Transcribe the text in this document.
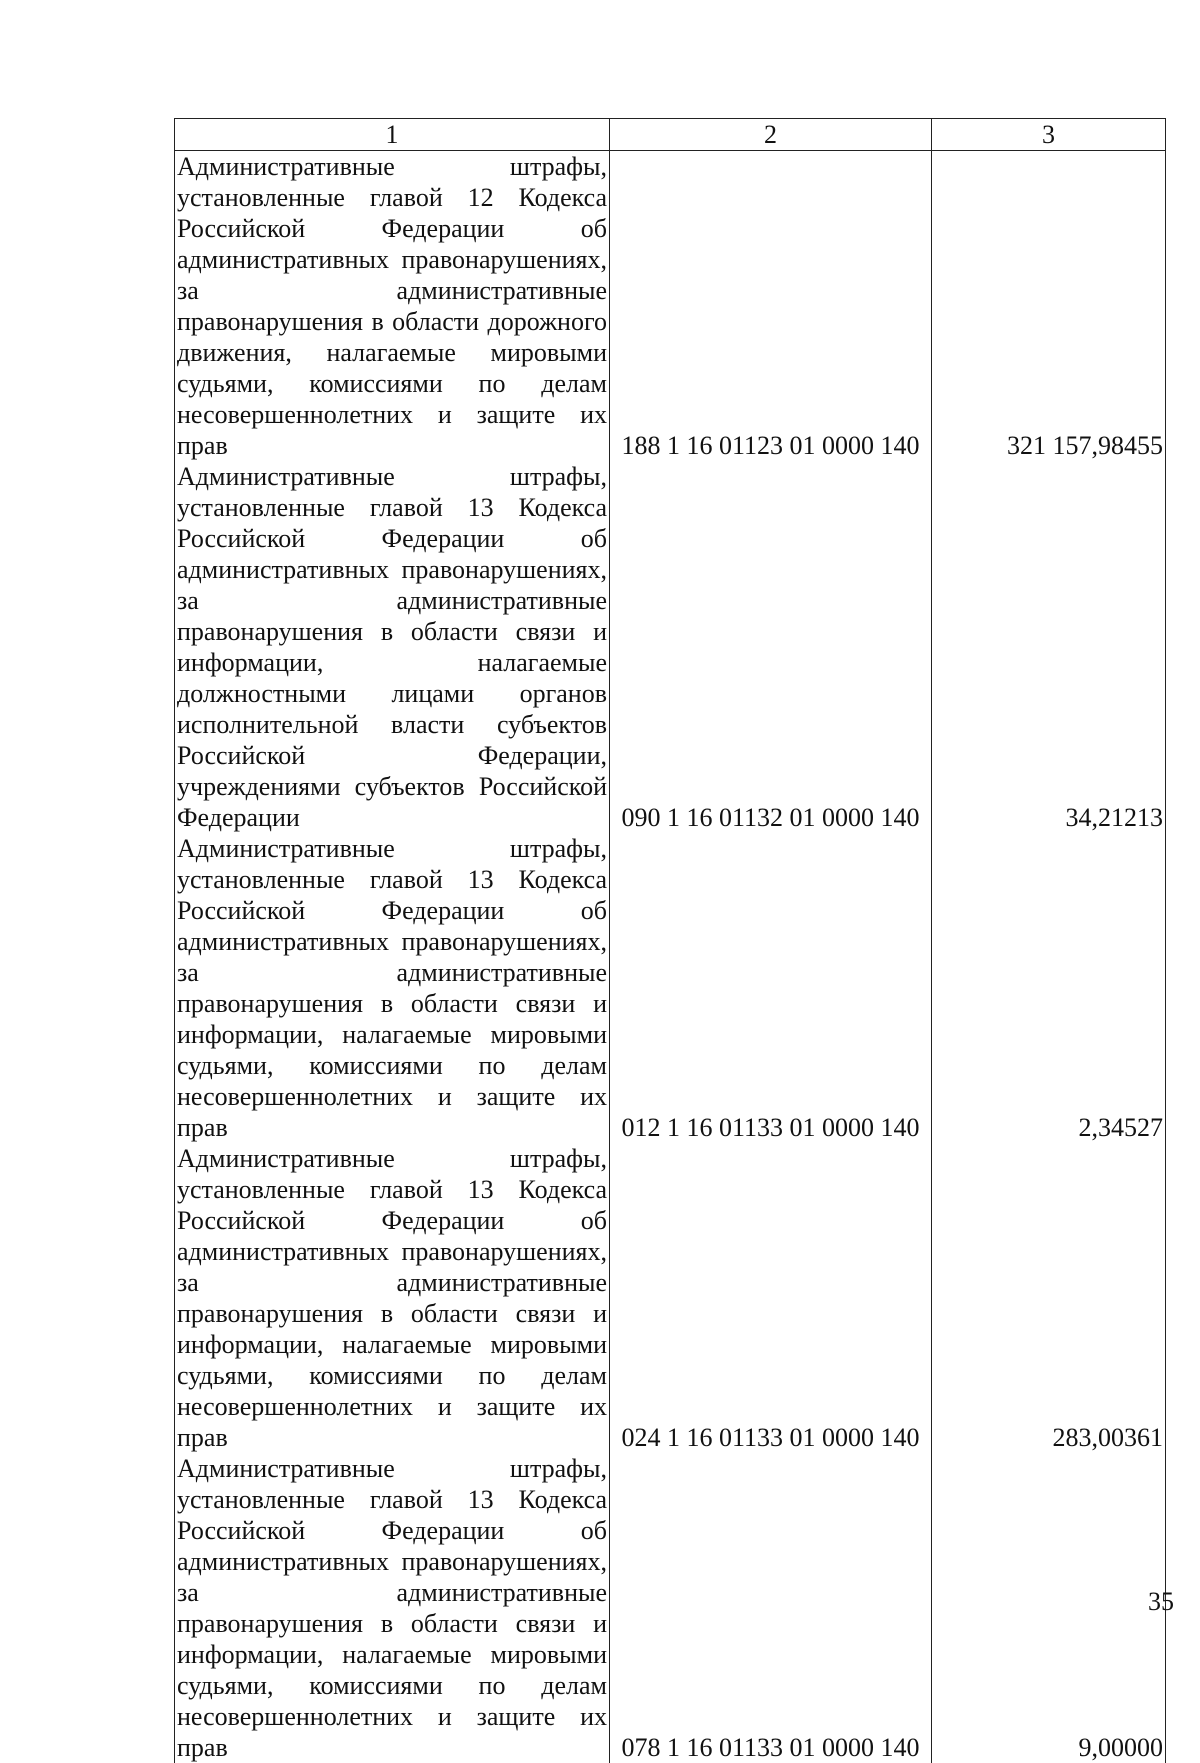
1	2	3
Административные штрафы, установленные главой 12 Кодекса Российской Федерации об административных правонарушениях, за административные правонарушения в области дорожного движения, налагаемые мировыми судьями, комиссиями по делам несовершеннолетних и защите их прав	188 1 16 01123 01 0000 140	321 157,98455
Административные штрафы, установленные главой 13 Кодекса Российской Федерации об административных правонарушениях, за административные правонарушения в области связи и информации, налагаемые должностными лицами органов исполнительной власти субъектов Российской Федерации, учреждениями субъектов Российской Федерации	090 1 16 01132 01 0000 140	34,21213
Административные штрафы, установленные главой 13 Кодекса Российской Федерации об административных правонарушениях, за административные правонарушения в области связи и информации, налагаемые мировыми судьями, комиссиями по делам несовершеннолетних и защите их прав	012 1 16 01133 01 0000 140	2,34527
Административные штрафы, установленные главой 13 Кодекса Российской Федерации об административных правонарушениях, за административные правонарушения в области связи и информации, налагаемые мировыми судьями, комиссиями по делам несовершеннолетних и защите их прав	024 1 16 01133 01 0000 140	283,00361
Административные штрафы, установленные главой 13 Кодекса Российской Федерации об административных правонарушениях, за административные правонарушения в области связи и информации, налагаемые мировыми судьями, комиссиями по делам несовершеннолетних и защите их прав	078 1 16 01133 01 0000 140	9,00000
35
